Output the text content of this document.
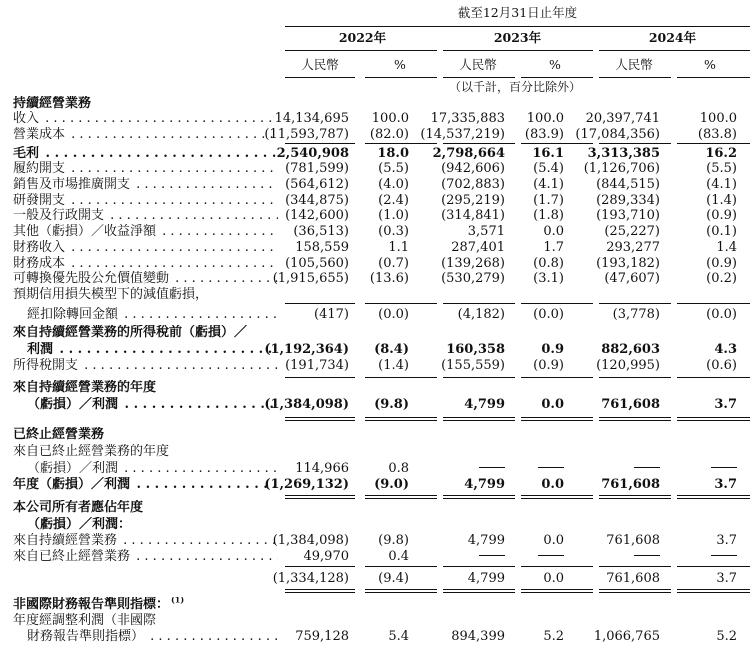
截至12月31日止年度
2022年	2023年	2024年
人民幣	%	人民幣	%	人民幣	%
（以千計，百分比除外）
持續經營業務
收入 . . .	14,134,695 100.0 17,335,883 100.0 20,397,741	100.0
營業成本 . . .	(11,593,787) (82.0) (14,537,219) (83.9) (17,084,356)	(83.8)
毛利 . . .	2,540,908 18.0 2,798,664 16.1 3,313,385	16.2
履約開支 . . .	(781,599) (5.5) (942,606) (5.4) (1,126,706)	(5.5)
銷售及市場推廣開支 . . .	(564,612) (4.0) (702,883) (4.1) (844,515)	(4.1)
研發開支 . . .	(344,875) (2.4) (295,219) (1.7) (289,334)	(1.4)
一般及行政開支 . . .	(142,600) (1.0) (314,841) (1.8) (193,710)	(0.9)
其他（虧損）／收益淨額 . . .	(36,513) (0.3)	3,571	0.0	(25,227)	(0.1)
財務收入 . . .	158,559	1.1	287,401	1.7	293,277	1.4
財務成本 . . .	(105,560) (0.7) (139,268) (0.8) (193,182)	(0.9)
可轉換優先股公允價值變動 . . .	(1,915,655) (13.6) (530,279) (3.1)	(47,607)	(0.2)
預期信用損失模型下的減值虧損，
經扣除轉回金額 . . .	(417) (0.0)	(4,182) (0.0)	(3,778)	(0.0)
來自持續經營業務的所得稅前（虧損）／
利潤 . . .	(1,192,364) (8.4)	160,358	0.9	882,603	4.3
所得稅開支 . . .	(191,734) (1.4) (155,559) (0.9) (120,995)	(0.6)
來自持續經營業務的年度
（虧損）／利潤 . . .	(1,384,098) (9.8)	4,799	0.0	761,608	3.7
已終止經營業務
來自已終止經營業務的年度
（虧損）／利潤 . . .	114,966	0.8
年度（虧損）／利潤 . . .	(1,269,132) (9.0)	4,799	0.0	761,608	3.7
本公司所有者應佔年度
（虧損）／利潤：
來自持續經營業務 . . .	(1,384,098) (9.8)	4,799	0.0	761,608	3.7
來自已終止經營業務 . . .	49,970	0.4
(1,334,128) (9.4)	4,799	0.0	761,608	3.7
非國際財務報告準則指標： $^{(1)}$
年度經調整利潤（非國際
財務報告準則指標） . . .	759,128	5.4	894,399	5.2 1,066,765	5.2
